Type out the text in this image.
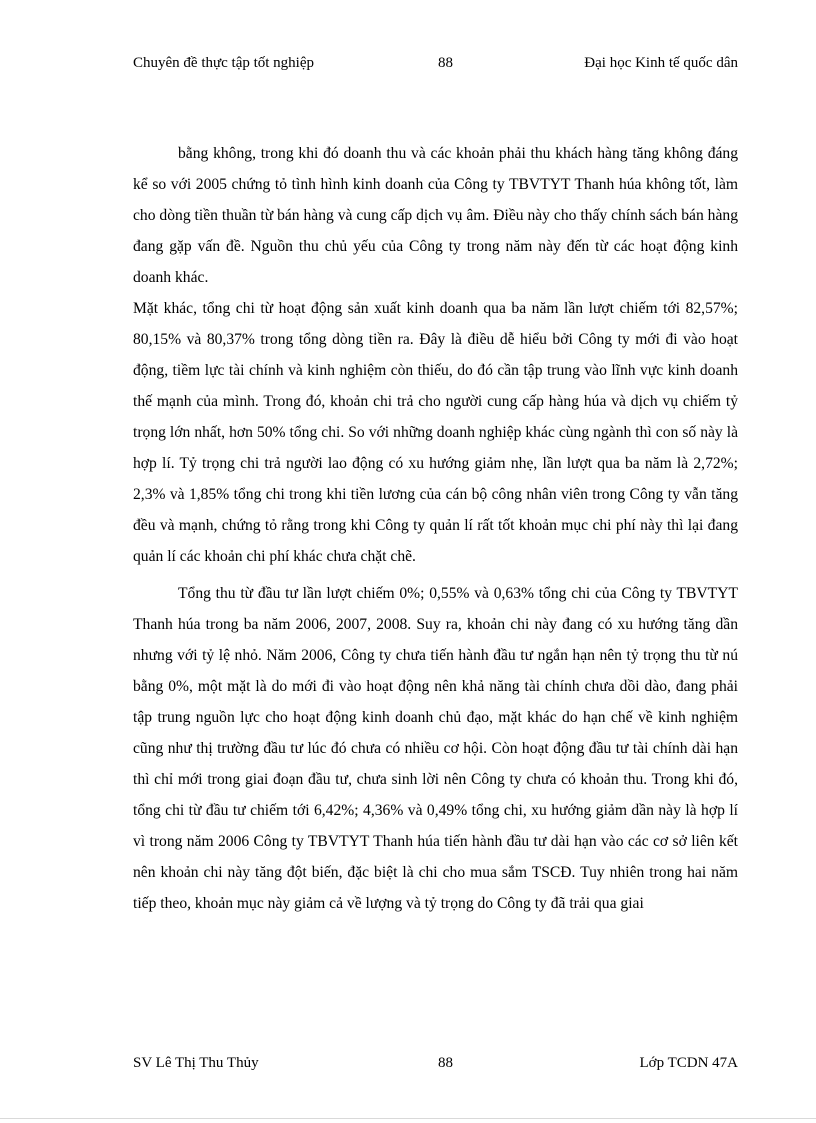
Chuyên đề thực tập tốt nghiệp	88	Đại học Kinh tế quốc dân

bằng không, trong khi đó doanh thu và các khoản phải thu khách hàng tăng không đáng kể so với 2005 chứng tỏ tình hình kinh doanh của Công ty TBVTYT Thanh húa không tốt, làm cho dòng tiền thuần từ bán hàng và cung cấp dịch vụ âm. Điều này cho thấy chính sách bán hàng đang gặp vấn đề. Nguồn thu chủ yếu của Công ty trong năm này đến từ các hoạt động kinh doanh khác.

Mặt khác, tổng chi từ hoạt động sản xuất kinh doanh qua ba năm lần lượt chiếm tới 82,57%; 80,15% và 80,37% trong tổng dòng tiền ra. Đây là điều dễ hiểu bởi Công ty mới đi vào hoạt động, tiềm lực tài chính và kinh nghiệm còn thiếu, do đó cần tập trung vào lĩnh vực kinh doanh thế mạnh của mình. Trong đó, khoản chi trả cho người cung cấp hàng húa và dịch vụ chiếm tỷ trọng lớn nhất, hơn 50% tổng chi. So với những doanh nghiệp khác cùng ngành thì con số này là hợp lí. Tỷ trọng chi trả người lao động có xu hướng giảm nhẹ, lần lượt qua ba năm là 2,72%; 2,3% và 1,85% tổng chi trong khi tiền lương của cán bộ công nhân viên trong Công ty vẫn tăng đều và mạnh, chứng tỏ rằng trong khi Công ty quản lí rất tốt khoản mục chi phí này thì lại đang quản lí các khoản chi phí khác chưa chặt chẽ.

Tổng thu từ đầu tư lần lượt chiếm 0%; 0,55% và 0,63% tổng chi của Công ty TBVTYT Thanh húa trong ba năm 2006, 2007, 2008. Suy ra, khoản chi này đang có xu hướng tăng dần nhưng với tỷ lệ nhỏ. Năm 2006, Công ty chưa tiến hành đầu tư ngắn hạn nên tỷ trọng thu từ nú bằng 0%, một mặt là do mới đi vào hoạt động nên khả năng tài chính chưa dồi dào, đang phải tập trung nguồn lực cho hoạt động kinh doanh chủ đạo, mặt khác do hạn chế về kinh nghiệm cũng như thị trường đầu tư lúc đó chưa có nhiều cơ hội. Còn hoạt động đầu tư tài chính dài hạn thì chỉ mới trong giai đoạn đầu tư, chưa sinh lời nên Công ty chưa có khoản thu. Trong khi đó, tổng chi từ đầu tư chiếm tới 6,42%; 4,36% và 0,49% tổng chi, xu hướng giảm dần này là hợp lí vì trong năm 2006 Công ty TBVTYT Thanh húa tiến hành đầu tư dài hạn vào các cơ sở liên kết nên khoản chi này tăng đột biến, đặc biệt là chi cho mua sắm TSCĐ. Tuy nhiên trong hai năm tiếp theo, khoản mục này giảm cả về lượng và tỷ trọng do Công ty đã trải qua giai

SV Lê Thị Thu Thủy	88	Lớp TCDN 47A
